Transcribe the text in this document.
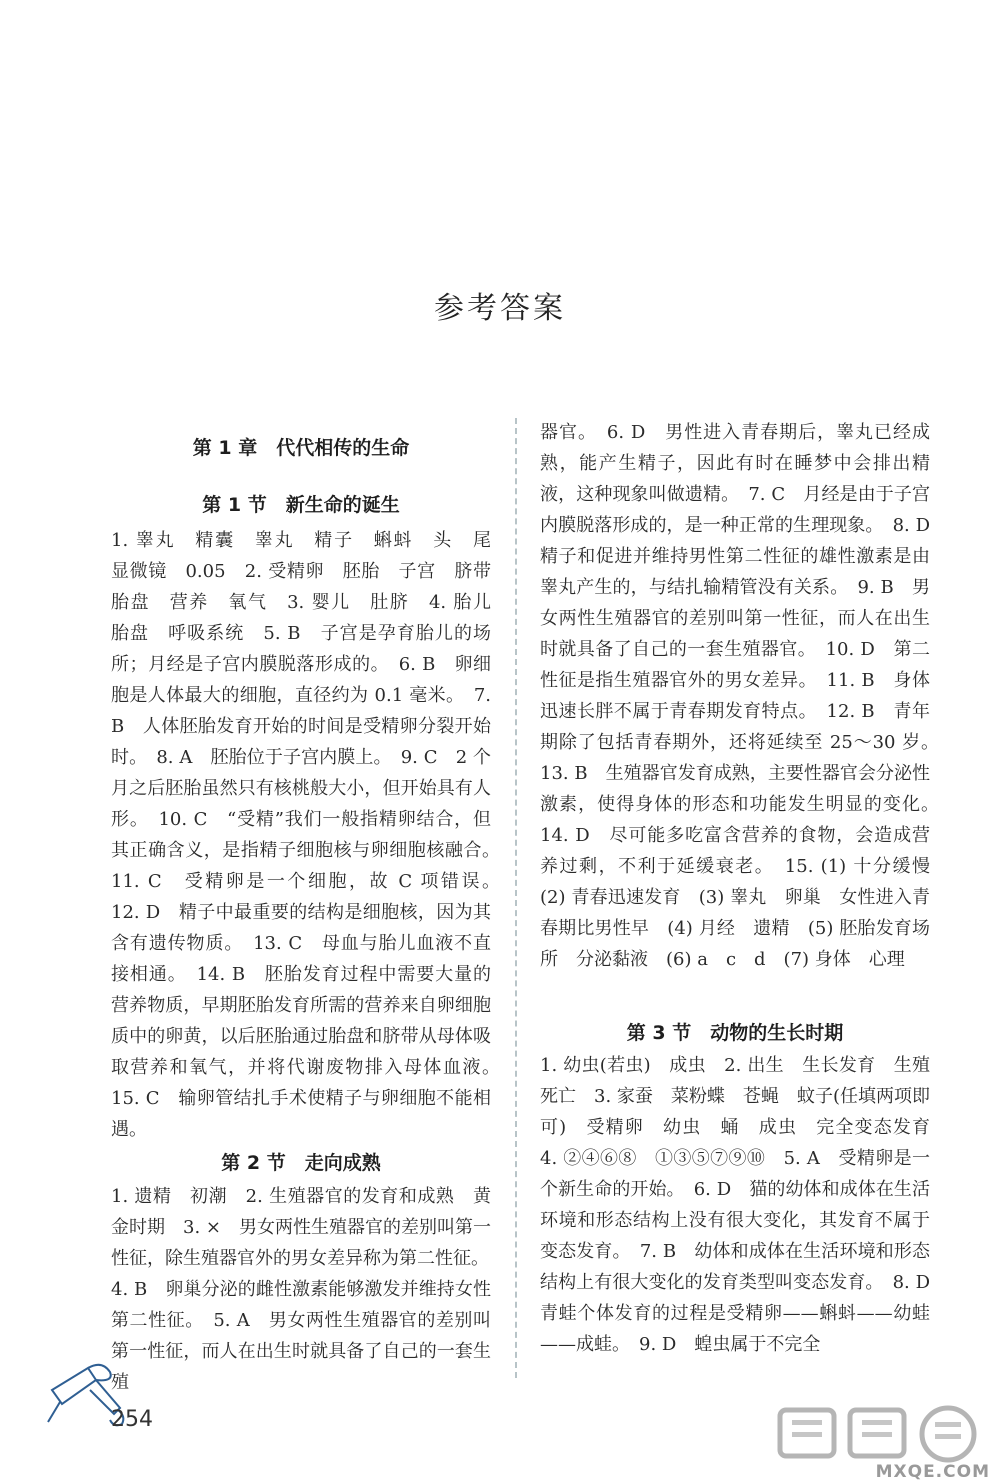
参考答案
第 1 章　代代相传的生命
第 1 节　新生命的诞生

1. 睾丸　精囊　睾丸　精子　蝌蚪　头　尾　显微镜　0.05　2. 受精卵　胚胎　子宫　脐带　胎盘　营养　氧气　3. 婴儿　肚脐　4. 胎儿　胎盘　呼吸系统　5. B　子宫是孕育胎儿的场所；月经是子宫内膜脱落形成的。　6. B　卵细胞是人体最大的细胞，直径约为 0.1 毫米。　7. B　人体胚胎发育开始的时间是受精卵分裂开始时。　8. A　胚胎位于子宫内膜上。　9. C　2 个月之后胚胎虽然只有核桃般大小，但开始具有人形。　10. C　“受精”我们一般指精卵结合，但其正确含义，是指精子细胞核与卵细胞核融合。　11. C　受精卵是一个细胞，故 C 项错误。　12. D　精子中最重要的结构是细胞核，因为其含有遗传物质。　13. C　母血与胎儿血液不直接相通。　14. B　胚胎发育过程中需要大量的营养物质，早期胚胎发育所需的营养来自卵细胞质中的卵黄，以后胚胎通过胎盘和脐带从母体吸取营养和氧气，并将代谢废物排入母体血液。　15. C　输卵管结扎手术使精子与卵细胞不能相遇。

第 2 节　走向成熟

1. 遗精　初潮　2. 生殖器官的发育和成熟　黄金时期　3. ×　男女两性生殖器官的差别叫第一性征，除生殖器官外的男女差异称为第二性征。

4. B　卵巢分泌的雌性激素能够激发并维持女性第二性征。　5. A　男女两性生殖器官的差别叫第一性征，而人在出生时就具备了自己的一套生殖

器官。　6. D　男性进入青春期后，睾丸已经成熟，能产生精子，因此有时在睡梦中会排出精液，这种现象叫做遗精。　7. C　月经是由于子宫内膜脱落形成的，是一种正常的生理现象。　8. D　精子和促进并维持男性第二性征的雄性激素是由睾丸产生的，与结扎输精管没有关系。　9. B　男女两性生殖器官的差别叫第一性征，而人在出生时就具备了自己的一套生殖器官。　10. D　第二性征是指生殖器官外的男女差异。　11. B　身体迅速长胖不属于青春期发育特点。　12. B　青年期除了包括青春期外，还将延续至 25～30 岁。　13. B　生殖器官发育成熟，主要性器官会分泌性激素，使得身体的形态和功能发生明显的变化。　14. D　尽可能多吃富含营养的食物，会造成营养过剩，不利于延缓衰老。　15. (1) 十分缓慢　(2) 青春迅速发育　(3) 睾丸　卵巢　女性进入青春期比男性早　(4) 月经　遗精　(5) 胚胎发育场所　分泌黏液　(6) a　c　d　(7) 身体　心理

第 3 节　动物的生长时期

1. 幼虫(若虫)　成虫　2. 出生　生长发育　生殖　死亡　3. 家蚕　菜粉蝶　苍蝇　蚊子(任填两项即可)　受精卵　幼虫　蛹　成虫　完全变态发育　4. ②④⑥⑧　①③⑤⑦⑨⑩　5. A　受精卵是一个新生命的开始。　6. D　猫的幼体和成体在生活环境和形态结构上没有很大变化，其发育不属于变态发育。　7. B　幼体和成体在生活环境和形态结构上有很大变化的发育类型叫变态发育。　8. D　青蛙个体发育的过程是受精卵——蝌蚪——幼蛙——成蛙。　9. D　蝗虫属于不完全

254
MXQE.COM
